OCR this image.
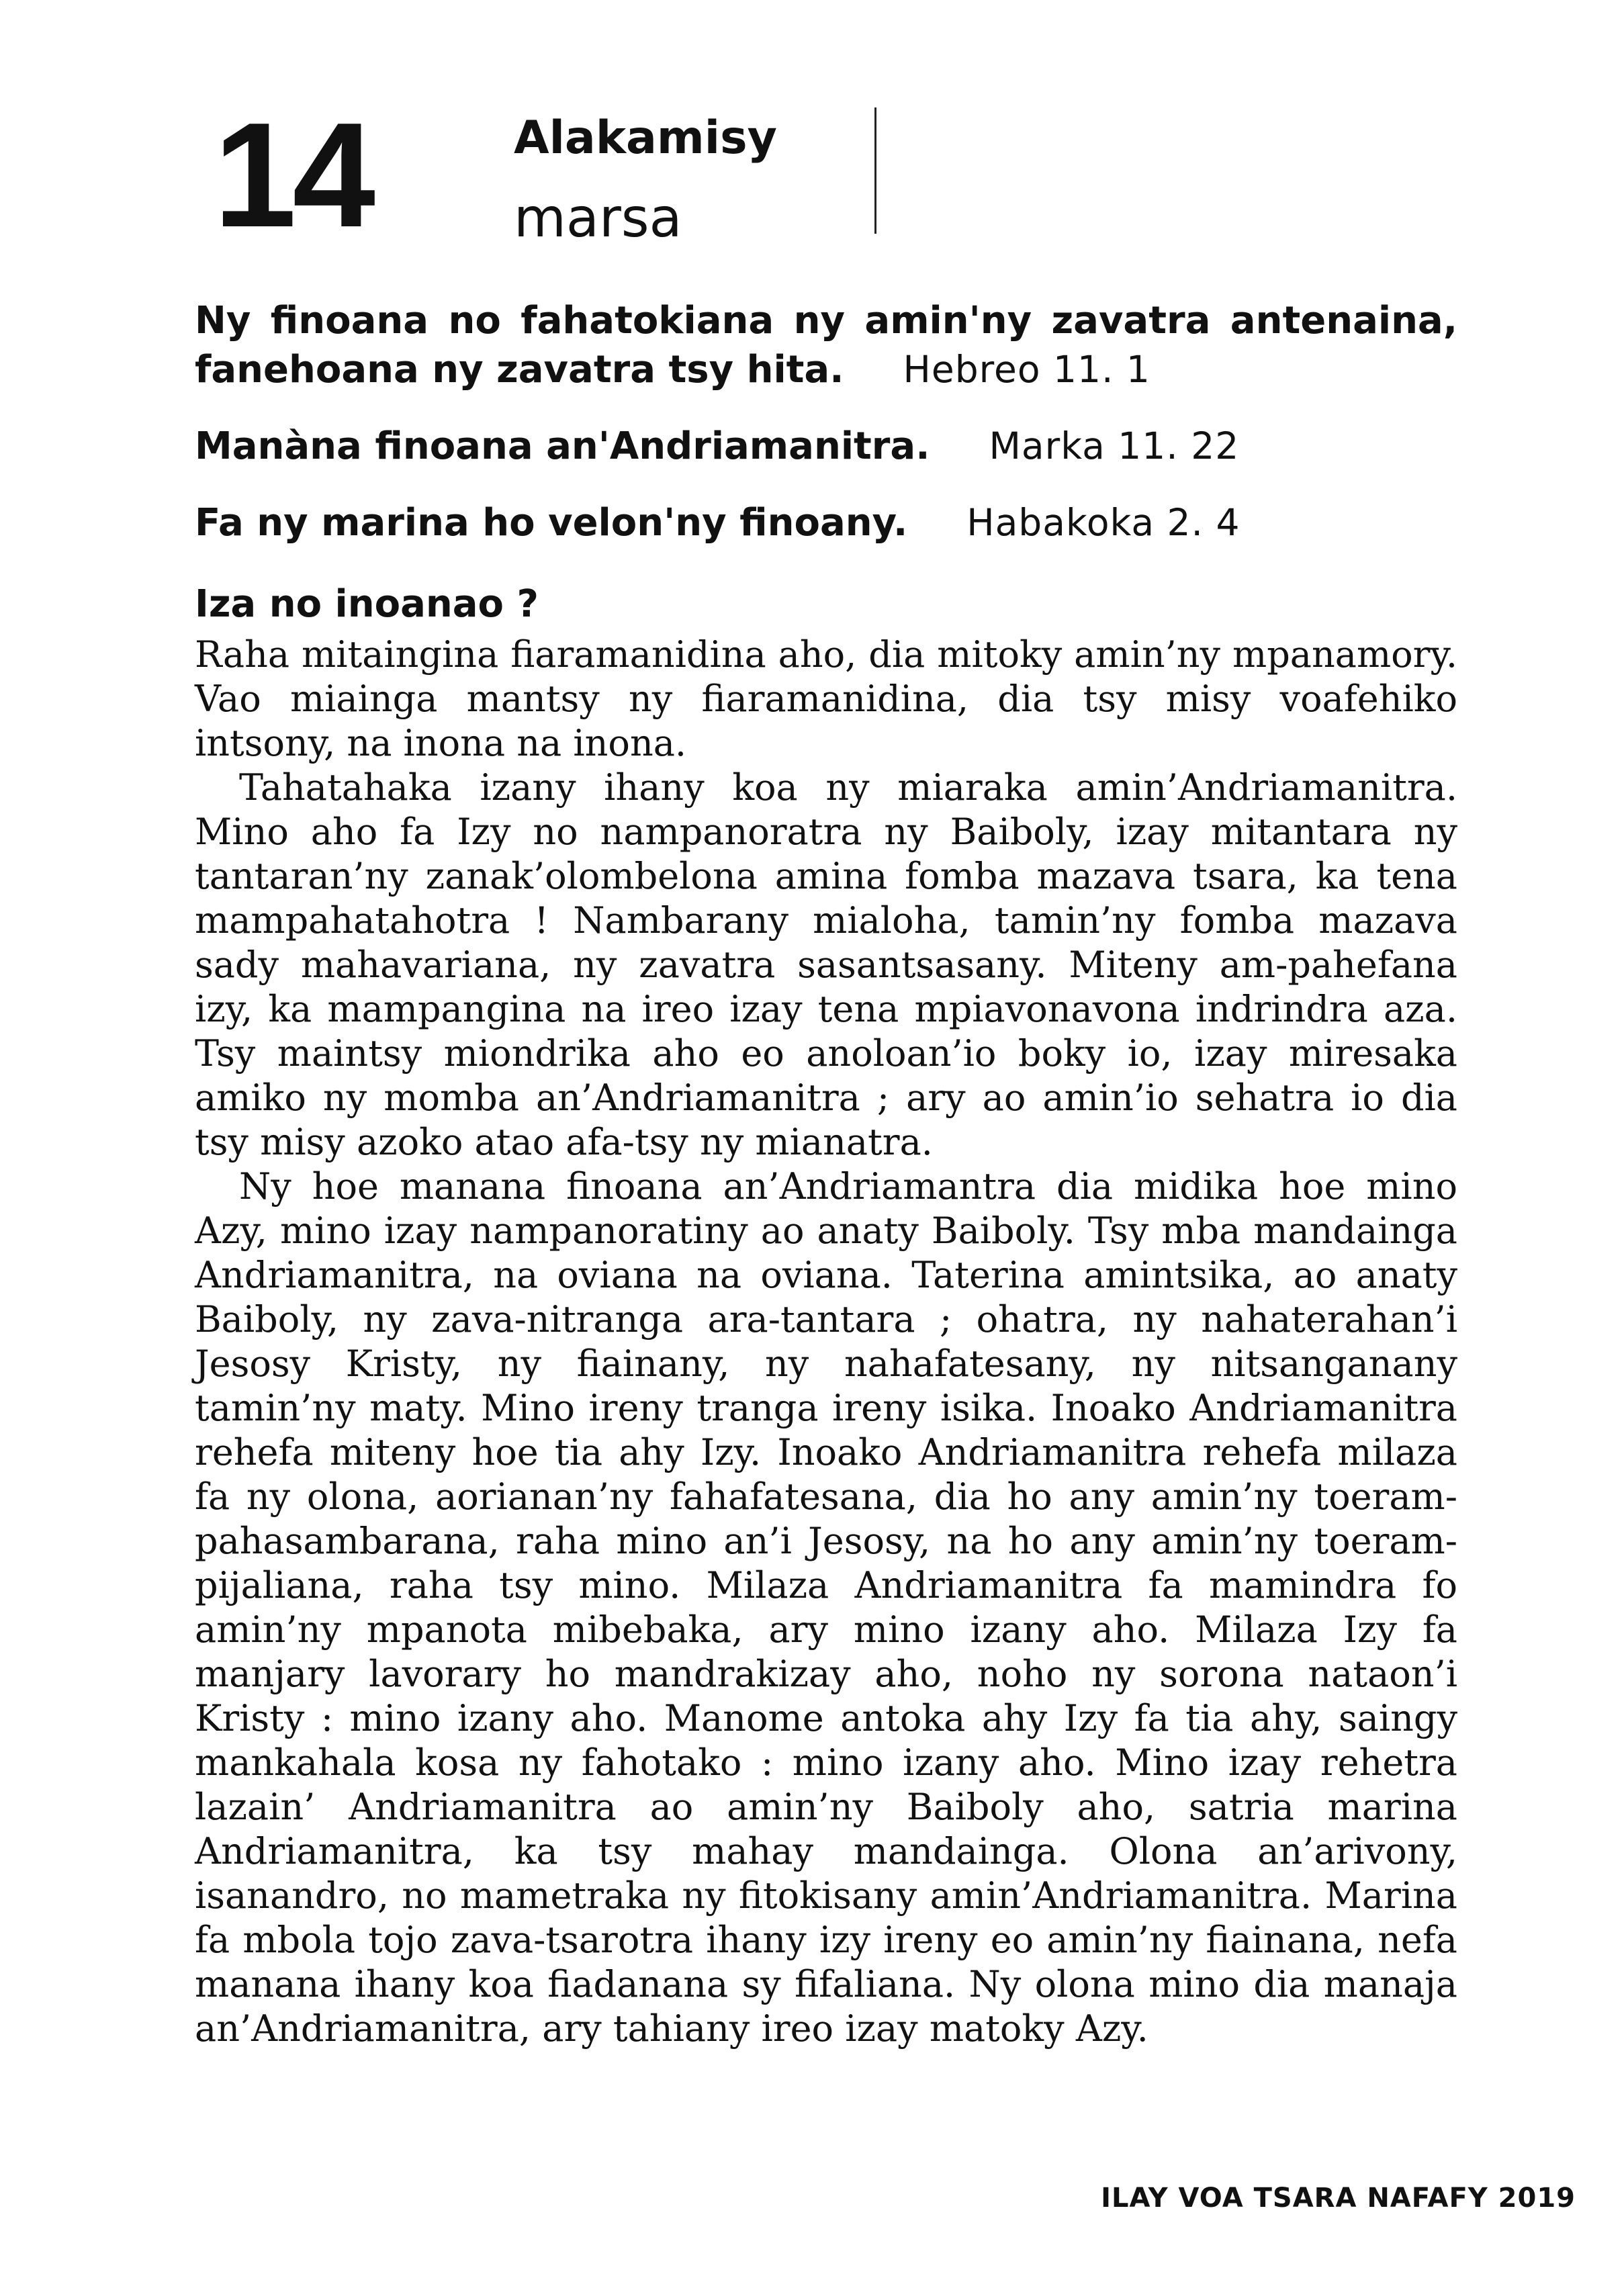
14	Alakamisy
marsa

Ny finoana no fahatokiana ny amin'ny zavatra antenaina, fanehoana ny zavatra tsy hita. Hebreo 11. 1

Manàna finoana an'Andriamanitra. Marka 11. 22

Fa ny marina ho velon'ny finoany. Habakoka 2. 4

Iza no inoanao ?

Raha mitaingina fiaramanidina aho, dia mitoky amin’ny mpanamory. Vao miainga mantsy ny fiaramanidina, dia tsy misy voafehiko intsony, na inona na inona.

Tahatahaka izany ihany koa ny miaraka amin’Andriamanitra. Mino aho fa Izy no nampanoratra ny Baiboly, izay mitantara ny tantaran’ny zanak’olombelona amina fomba mazava tsara, ka tena mampahatahotra ! Nambarany mialoha, tamin’ny fomba mazava sady mahavariana, ny zavatra sasantsasany. Miteny am-pahefana izy, ka mampangina na ireo izay tena mpiavonavona indrindra aza. Tsy maintsy miondrika aho eo anoloan’io boky io, izay miresaka amiko ny momba an’Andriamanitra ; ary ao amin’io sehatra io dia tsy misy azoko atao afa-tsy ny mianatra.

Ny hoe manana finoana an’Andriamantra dia midika hoe mino Azy, mino izay nampanoratiny ao anaty Baiboly. Tsy mba mandainga Andriamanitra, na oviana na oviana. Taterina amintsika, ao anaty Baiboly, ny zava-nitranga ara-tantara ; ohatra, ny nahaterahan’i Jesosy Kristy, ny fiainany, ny nahafatesany, ny nitsanganany tamin’ny maty. Mino ireny tranga ireny isika. Inoako Andriamanitra rehefa miteny hoe tia ahy Izy. Inoako Andriamanitra rehefa milaza fa ny olona, aorianan’ny fahafatesana, dia ho any amin’ny toeram-pahasambarana, raha mino an’i Jesosy, na ho any amin’ny toeram-pijaliana, raha tsy mino. Milaza Andriamanitra fa mamindra fo amin’ny mpanota mibebaka, ary mino izany aho. Milaza Izy fa manjary lavorary ho mandrakizay aho, noho ny sorona nataon’i Kristy : mino izany aho. Manome antoka ahy Izy fa tia ahy, saingy mankahala kosa ny fahotako : mino izany aho. Mino izay rehetra lazain’ Andriamanitra ao amin’ny Baiboly aho, satria marina Andriamanitra, ka tsy mahay mandainga. Olona an’arivony, isanandro, no mametraka ny fitokisany amin’Andriamanitra. Marina fa mbola tojo zava-tsarotra ihany izy ireny eo amin’ny fiainana, nefa manana ihany koa fiadanana sy fifaliana. Ny olona mino dia manaja an’Andriamanitra, ary tahiany ireo izay matoky Azy.

ILAY VOA TSARA NAFAFY 2019
